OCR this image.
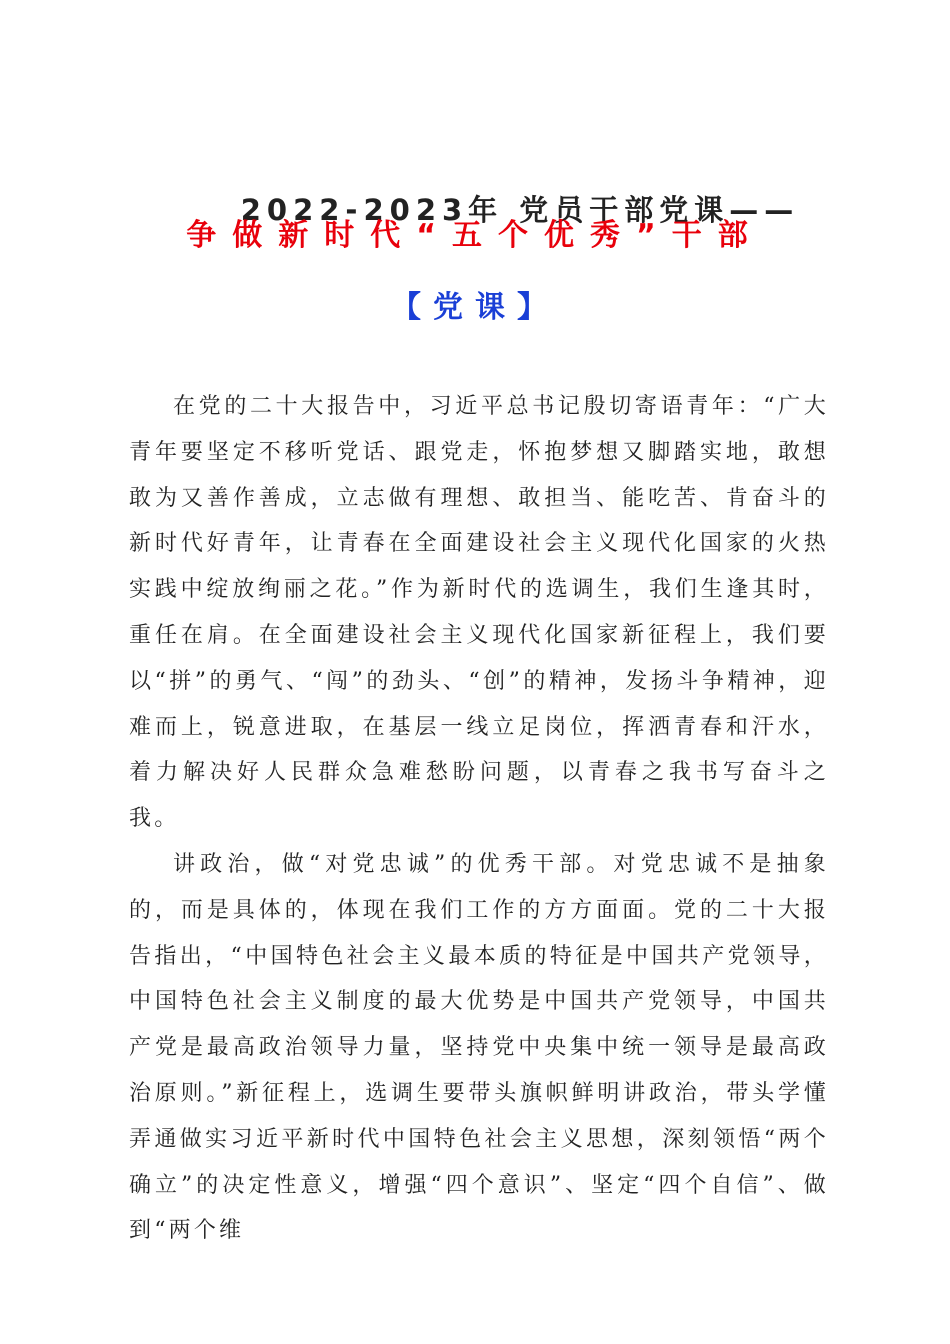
2022-2023年 党员干部党课——
争做新时代“五个优秀”干部
【党课】

在党的二十大报告中，习近平总书记殷切寄语青年：“广大青年要坚定不移听党话、跟党走，怀抱梦想又脚踏实地，敢想敢为又善作善成，立志做有理想、敢担当、能吃苦、肯奋斗的新时代好青年，让青春在全面建设社会主义现代化国家的火热实践中绽放绚丽之花。”作为新时代的选调生，我们生逢其时，重任在肩。在全面建设社会主义现代化国家新征程上，我们要以“拼”的勇气、“闯”的劲头、“创”的精神，发扬斗争精神，迎难而上，锐意进取，在基层一线立足岗位，挥洒青春和汗水，着力解决好人民群众急难愁盼问题，以青春之我书写奋斗之我。

讲政治，做“对党忠诚”的优秀干部。对党忠诚不是抽象的，而是具体的，体现在我们工作的方方面面。党的二十大报告指出，“中国特色社会主义最本质的特征是中国共产党领导，中国特色社会主义制度的最大优势是中国共产党领导，中国共产党是最高政治领导力量，坚持党中央集中统一领导是最高政治原则。”新征程上，选调生要带头旗帜鲜明讲政治，带头学懂弄通做实习近平新时代中国特色社会主义思想，深刻领悟“两个确立”的决定性意义，增强“四个意识”、坚定“四个自信”、做到“两个维
